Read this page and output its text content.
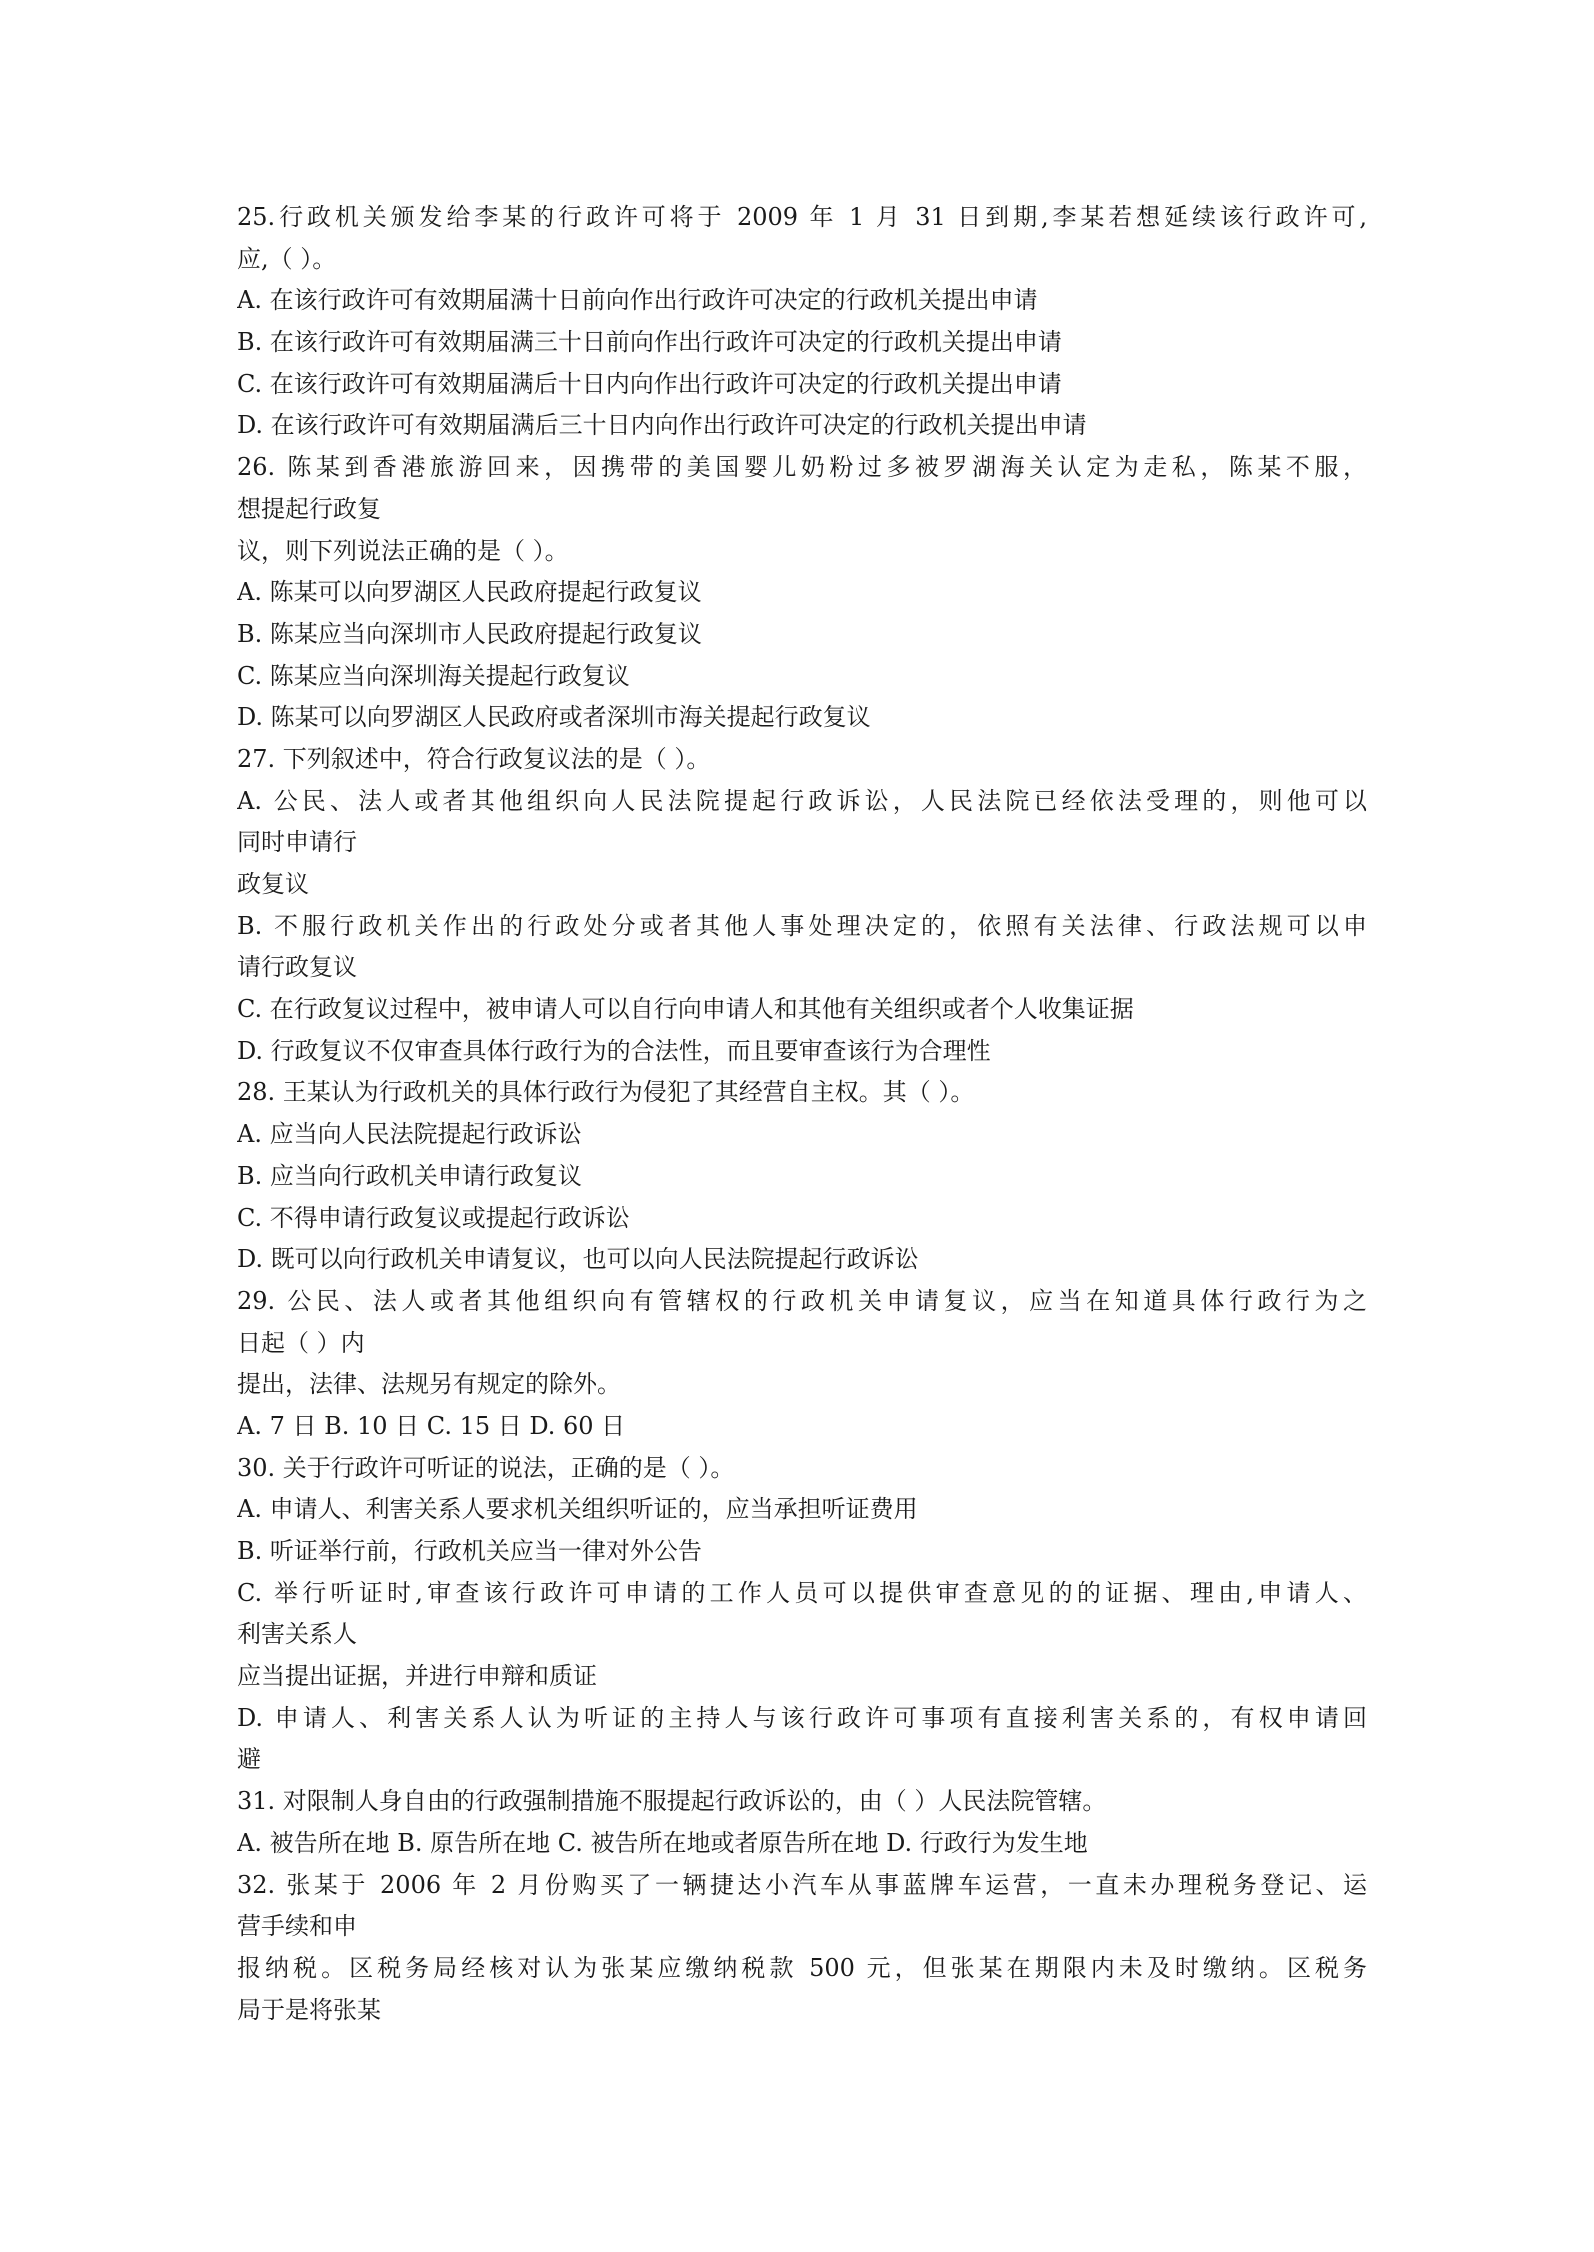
25.行政机关颁发给李某的行政许可将于 2009 年 1 月 31 日到期,李某若想延续该行政许可,
应,（ ）。
A. 在该行政许可有效期届满十日前向作出行政许可决定的行政机关提出申请
B. 在该行政许可有效期届满三十日前向作出行政许可决定的行政机关提出申请
C. 在该行政许可有效期届满后十日内向作出行政许可决定的行政机关提出申请
D. 在该行政许可有效期届满后三十日内向作出行政许可决定的行政机关提出申请
26. 陈某到香港旅游回来，因携带的美国婴儿奶粉过多被罗湖海关认定为走私，陈某不服，
想提起行政复
议，则下列说法正确的是（ ）。
A. 陈某可以向罗湖区人民政府提起行政复议
B. 陈某应当向深圳市人民政府提起行政复议
C. 陈某应当向深圳海关提起行政复议
D. 陈某可以向罗湖区人民政府或者深圳市海关提起行政复议
27. 下列叙述中，符合行政复议法的是（ ）。
A. 公民、法人或者其他组织向人民法院提起行政诉讼，人民法院已经依法受理的，则他可以
同时申请行
政复议
B. 不服行政机关作出的行政处分或者其他人事处理决定的，依照有关法律、行政法规可以申
请行政复议
C. 在行政复议过程中，被申请人可以自行向申请人和其他有关组织或者个人收集证据
D. 行政复议不仅审查具体行政行为的合法性，而且要审查该行为合理性
28. 王某认为行政机关的具体行政行为侵犯了其经营自主权。其（ ）。
A. 应当向人民法院提起行政诉讼
B. 应当向行政机关申请行政复议
C. 不得申请行政复议或提起行政诉讼
D. 既可以向行政机关申请复议，也可以向人民法院提起行政诉讼
29. 公民、法人或者其他组织向有管辖权的行政机关申请复议，应当在知道具体行政行为之
日起（ ）内
提出，法律、法规另有规定的除外。
A. 7 日 B. 10 日 C. 15 日 D. 60 日
30. 关于行政许可听证的说法，正确的是（ ）。
A. 申请人、利害关系人要求机关组织听证的，应当承担听证费用
B. 听证举行前，行政机关应当一律对外公告
C. 举行听证时,审查该行政许可申请的工作人员可以提供审查意见的的证据、理由,申请人、
利害关系人
应当提出证据，并进行申辩和质证
D. 申请人、利害关系人认为听证的主持人与该行政许可事项有直接利害关系的，有权申请回
避
31. 对限制人身自由的行政强制措施不服提起行政诉讼的，由（ ）人民法院管辖。
A. 被告所在地 B. 原告所在地 C. 被告所在地或者原告所在地 D. 行政行为发生地
32. 张某于 2006 年 2 月份购买了一辆捷达小汽车从事蓝牌车运营，一直未办理税务登记、运
营手续和申
报纳税。区税务局经核对认为张某应缴纳税款 500 元，但张某在期限内未及时缴纳。区税务
局于是将张某
